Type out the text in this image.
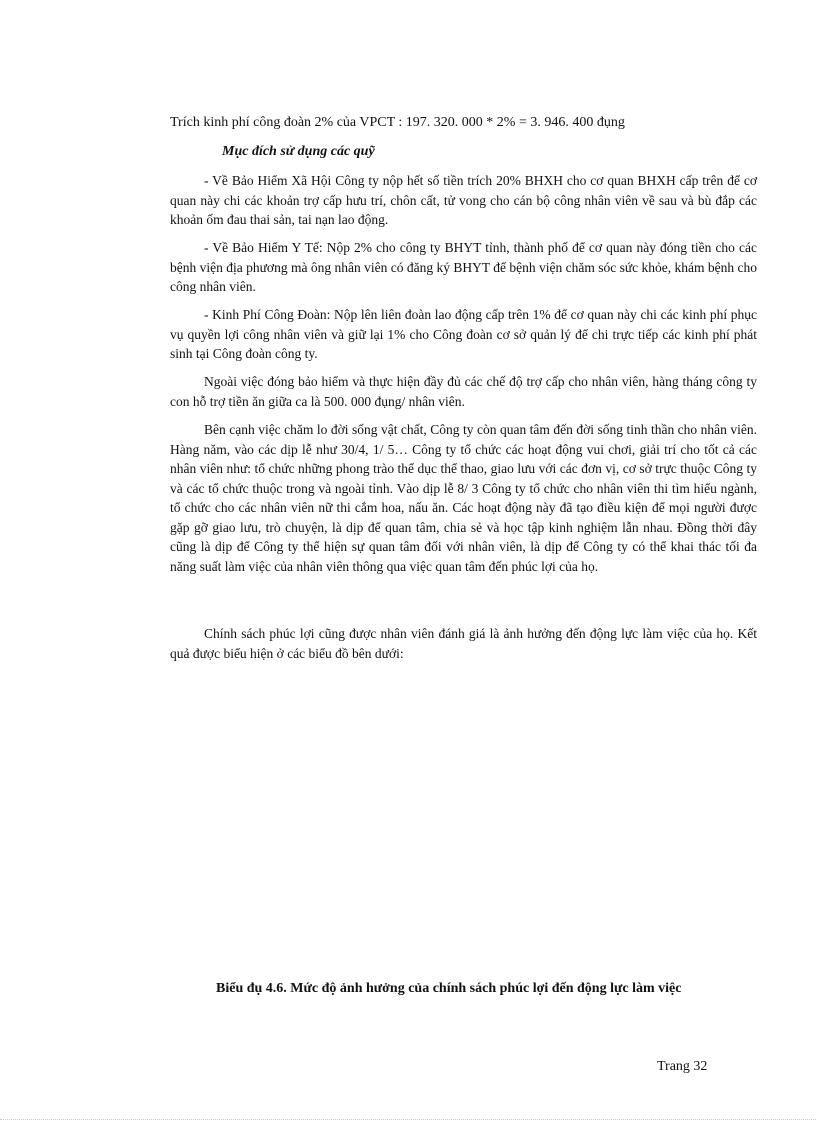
Trích kinh phí công đoàn 2% của VPCT : 197. 320. 000 * 2% = 3. 946. 400 đụng
Mục đích sử dụng các quỹ

- Về Bảo Hiểm Xã Hội Công ty nộp hết số tiền trích 20% BHXH cho cơ quan BHXH cấp trên để cơ quan này chi các khoản trợ cấp hưu trí, chôn cất, tử vong cho cán bộ công nhân viên về sau và bù đắp các khoản ốm đau thai sản, tai nạn lao động.

- Về Bảo Hiểm Y Tế: Nộp 2% cho công ty BHYT tỉnh, thành phố để cơ quan này đóng tiền cho các bệnh viện địa phương mà ông nhân viên có đăng ký BHYT để bệnh viện chăm sóc sức khỏe, khám bệnh cho công nhân viên.

- Kinh Phí Công Đoàn: Nộp lên liên đoàn lao động cấp trên 1% để cơ quan này chi các kinh phí phục vụ quyền lợi công nhân viên và giữ lại 1% cho Công đoàn cơ sở quản lý để chi trực tiếp các kinh phí phát sinh tại Công đoàn công ty.

Ngoài việc đóng bảo hiểm và thực hiện đầy đủ các chế độ trợ cấp cho nhân viên, hàng tháng công ty con hỗ trợ tiền ăn giữa ca là 500. 000 đụng/ nhân viên.

Bên cạnh việc chăm lo đời sống vật chất, Công ty còn quan tâm đến đời sống tinh thần cho nhân viên. Hàng năm, vào các dịp lễ như 30/4, 1/ 5… Công ty tổ chức các hoạt động vui chơi, giải trí cho tốt cả các nhân viên như: tổ chức những phong trào thể dục thể thao, giao lưu với các đơn vị, cơ sở trực thuộc Công ty và các tổ chức thuộc trong và ngoài tỉnh. Vào dịp lễ 8/ 3 Công ty tổ chức cho nhân viên thi tìm hiểu ngành, tổ chức cho các nhân viên nữ thi cắm hoa, nấu ăn. Các hoạt động này đã tạo điều kiện để mọi người được gặp gỡ giao lưu, trò chuyện, là dịp để quan tâm, chia sẻ và học tập kinh nghiệm lẫn nhau. Đồng thời đây cũng là dịp để Công ty thể hiện sự quan tâm đối với nhân viên, là dịp để Công ty có thể khai thác tối đa năng suất làm việc của nhân viên thông qua việc quan tâm đến phúc lợi của họ.

Chính sách phúc lợi cũng được nhân viên đánh giá là ảnh hưởng đến động lực làm việc của họ. Kết quả được biểu hiện ở các biểu đồ bên dưới:

Biểu đụ 4.6. Mức độ ảnh hưởng của chính sách phúc lợi đến động lực làm việc
Trang 32
